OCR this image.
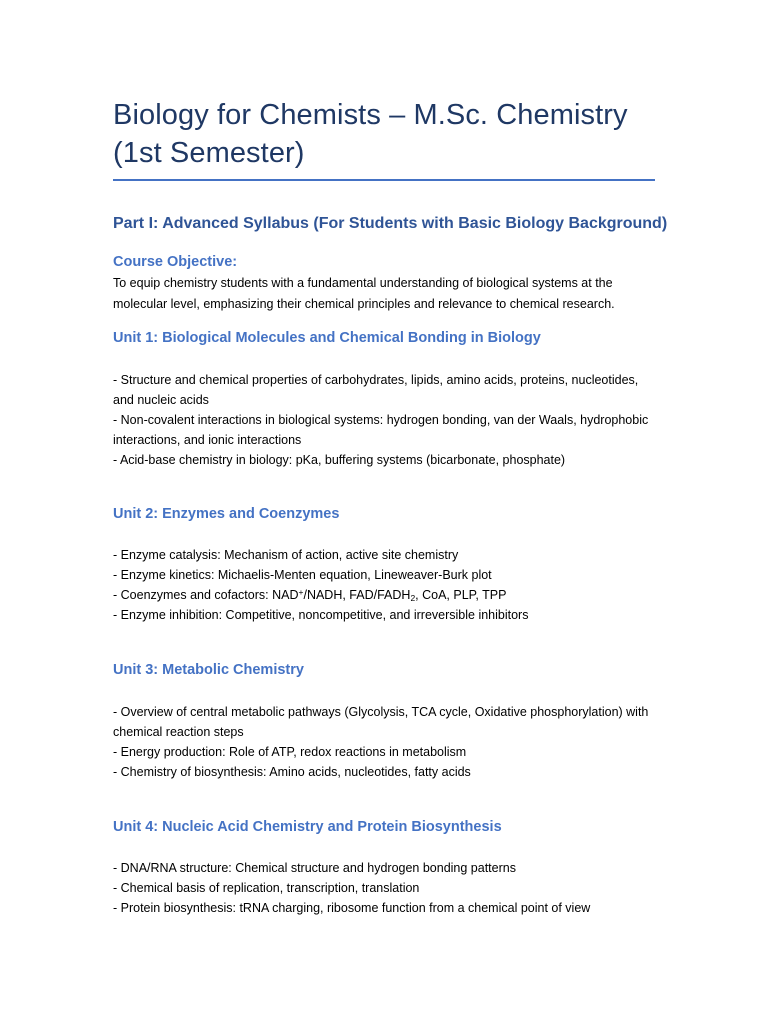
Biology for Chemists – M.Sc. Chemistry (1st Semester)
Part I: Advanced Syllabus (For Students with Basic Biology Background)
Course Objective:

To equip chemistry students with a fundamental understanding of biological systems at the molecular level, emphasizing their chemical principles and relevance to chemical research.

Unit 1: Biological Molecules and Chemical Bonding in Biology
- Structure and chemical properties of carbohydrates, lipids, amino acids, proteins, nucleotides, and nucleic acids
- Non-covalent interactions in biological systems: hydrogen bonding, van der Waals, hydrophobic interactions, and ionic interactions
- Acid-base chemistry in biology: pKa, buffering systems (bicarbonate, phosphate)
Unit 2: Enzymes and Coenzymes
- Enzyme catalysis: Mechanism of action, active site chemistry
- Enzyme kinetics: Michaelis-Menten equation, Lineweaver-Burk plot
- Coenzymes and cofactors: NAD+/NADH, FAD/$FADH_2$, CoA, PLP, TPP
- Enzyme inhibition: Competitive, noncompetitive, and irreversible inhibitors
Unit 3: Metabolic Chemistry
- Overview of central metabolic pathways (Glycolysis, TCA cycle, Oxidative phosphorylation) with chemical reaction steps
- Energy production: Role of ATP, redox reactions in metabolism
- Chemistry of biosynthesis: Amino acids, nucleotides, fatty acids
Unit 4: Nucleic Acid Chemistry and Protein Biosynthesis
- DNA/RNA structure: Chemical structure and hydrogen bonding patterns
- Chemical basis of replication, transcription, translation
- Protein biosynthesis: tRNA charging, ribosome function from a chemical point of view
